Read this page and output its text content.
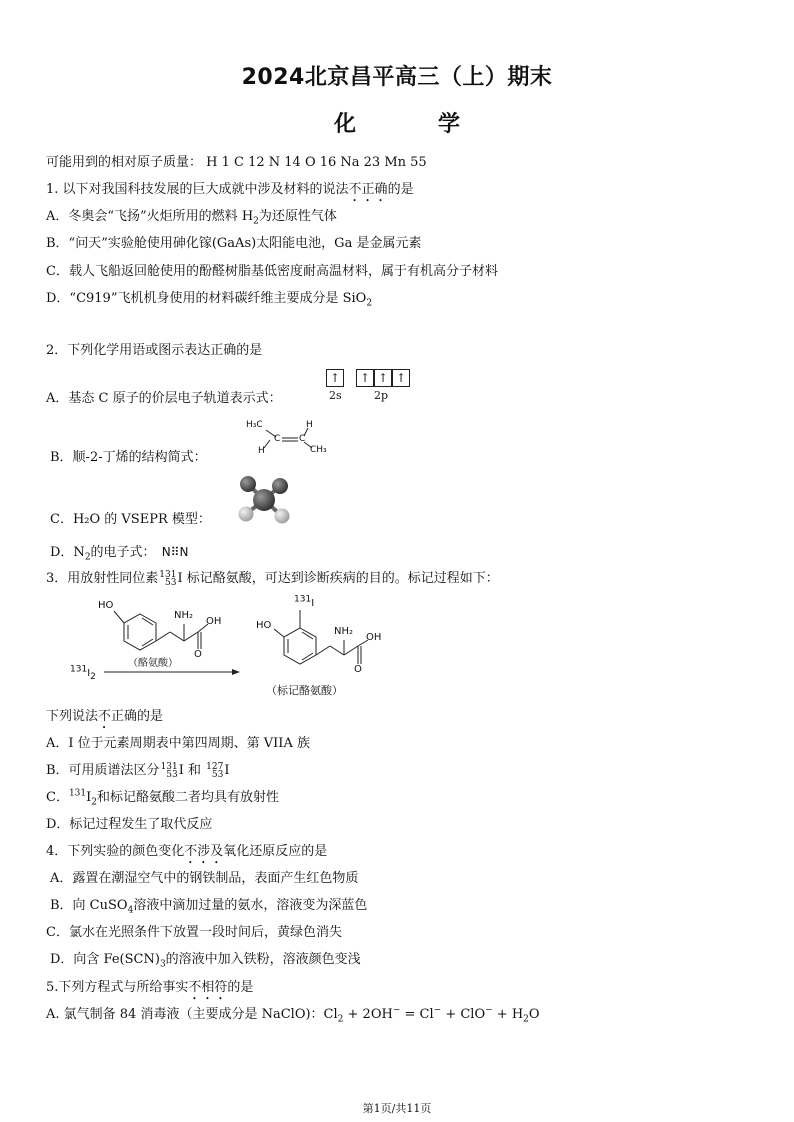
2024北京昌平高三（上）期末
化　学
可能用到的相对原子质量： H 1 C 12 N 14 O 16 Na 23 Mn 55
1. 以下对我国科技发展的巨大成就中涉及材料的说法不正确的是
A．冬奥会“飞扬”火炬所用的燃料 $H_2$为还原性气体
B．“问天”实验舱使用砷化镓(GaAs)太阳能电池，Ga 是金属元素
C．载人飞船返回舱使用的酚醛树脂基低密度耐高温材料，属于有机高分子材料
D．“C919”飞机机身使用的材料碳纤维主要成分是 SiO$_2$
2．下列化学用语或图示表达正确的是
A．基态 C 原子的价层电子轨道表示式：
↑	↑ ↑ ↑
2s	2p
B．顺-2-丁烯的结构简式：
H₃C
C C
H
H	CH₃
C．H₂O 的 VSEPR 模型：
D．$N_2$的电子式： N⠿N
3．用放射性同位素 131
53 I 标记酪氨酸，可达到诊断疾病的目的。标记过程如下：
HO
NH₂
OH
O
（酪氨酸）
$^{131}I_2$
HO
$^{131}$I
NH₂
OH
O
（标记酪氨酸）
下列说法不正确的是
A．I 位于元素周期表中第四周期、第 VIIA 族
B．可用质谱法区分 131
53 I 和 127
53 I
C．$^{131}I_2$和标记酪氨酸二者均具有放射性
D．标记过程发生了取代反应
4．下列实验的颜色变化不涉及氧化还原反应的是
A．露置在潮湿空气中的钢铁制品，表面产生红色物质
B．向 CuSO$_4$溶液中滴加过量的氨水，溶液变为深蓝色
C．氯水在光照条件下放置一段时间后，黄绿色消失
D．向含 $Fe(SCN)_3$的溶液中加入铁粉，溶液颜色变浅
5.下列方程式与所给事实不相符的是
A. 氯气制备 84 消毒液（主要成分是 NaClO)：$Cl_2 + 2OH^- = Cl^- + ClO^- + H_2O$
第1页/共11页
